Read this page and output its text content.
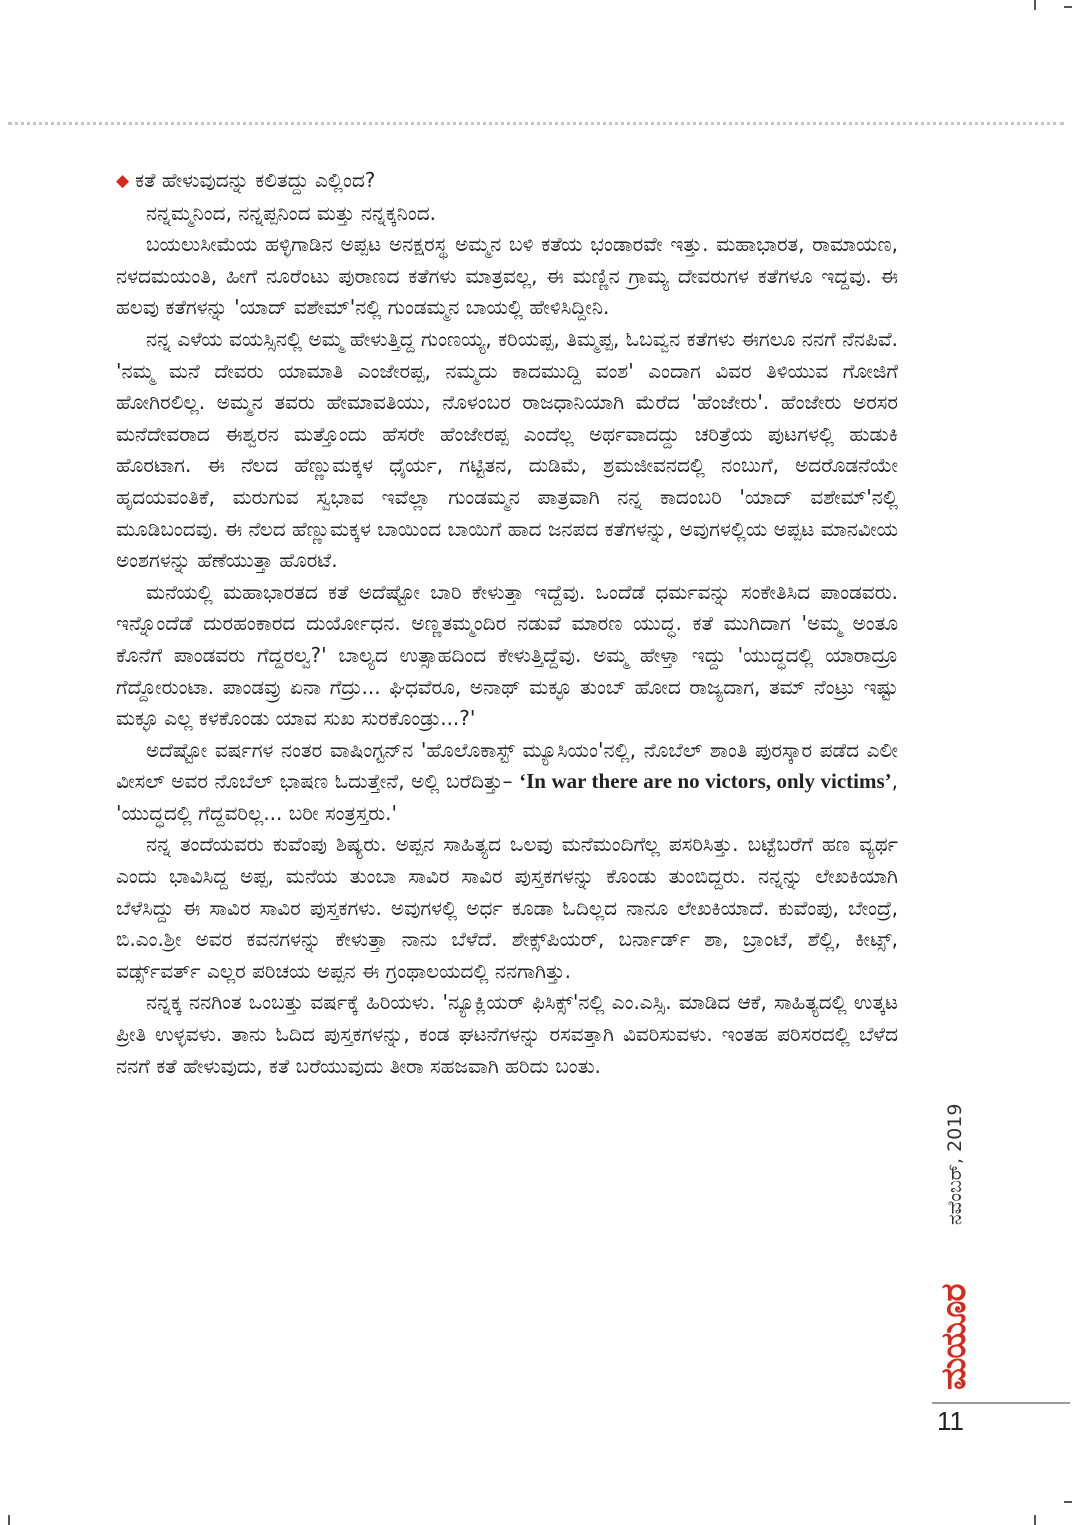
◆ ಕತೆ ಹೇಳುವುದನ್ನು ಕಲಿತದ್ದು ಎಲ್ಲಿಂದ?

ನನ್ನಮ್ಮನಿಂದ, ನನ್ನಪ್ಪನಿಂದ ಮತ್ತು ನನ್ನಕ್ಕನಿಂದ.

ಬಯಲುಸೀಮೆಯ ಹಳ್ಳಿಗಾಡಿನ ಅಪ್ಪಟ ಅನಕ್ಷರಸ್ಥ ಅಮ್ಮನ ಬಳಿ ಕತೆಯ ಭಂಡಾರವೇ ಇತ್ತು. ಮಹಾಭಾರತ, ರಾಮಾಯಣ, ನಳದಮಯಂತಿ, ಹೀಗೆ ನೂರೆಂಟು ಪುರಾಣದ ಕತೆಗಳು ಮಾತ್ರವಲ್ಲ, ಈ ಮಣ್ಣಿನ ಗ್ರಾಮ್ಯ ದೇವರುಗಳ ಕತೆಗಳೂ ಇದ್ದವು. ಈ ಹಲವು ಕತೆಗಳನ್ನು 'ಯಾದ್ ವಶೇಮ್'ನಲ್ಲಿ ಗುಂಡಮ್ಮನ ಬಾಯಲ್ಲಿ ಹೇಳಿಸಿದ್ದೀನಿ.

ನನ್ನ ಎಳೆಯ ವಯಸ್ಸಿನಲ್ಲಿ ಅಮ್ಮ ಹೇಳುತ್ತಿದ್ದ ಗುಂಣಯ್ಯ, ಕರಿಯಪ್ಪ, ತಿಮ್ಮಪ್ಪ, ಓಬವ್ವನ ಕತೆಗಳು ಈಗಲೂ ನನಗೆ ನೆನಪಿವೆ. 'ನಮ್ಮ ಮನೆ ದೇವರು ಯಾಮಾತಿ ಎಂಜೇರಪ್ಪ, ನಮ್ಮದು ಕಾದಮುದ್ದಿ ವಂಶ' ಎಂದಾಗ ವಿವರ ತಿಳಿಯುವ ಗೋಜಿಗೆ ಹೋಗಿರಲಿಲ್ಲ. ಅಮ್ಮನ ತವರು ಹೇಮಾವತಿಯು, ನೊಳಂಬರ ರಾಜಧಾನಿಯಾಗಿ ಮೆರೆದ 'ಹೆಂಜೇರು'. ಹೆಂಜೇರು ಅರಸರ ಮನೆದೇವರಾದ ಈಶ್ವರನ ಮತ್ತೊಂದು ಹೆಸರೇ ಹೆಂಜೇರಪ್ಪ ಎಂದೆಲ್ಲ ಅರ್ಥವಾದದ್ದು ಚರಿತ್ರೆಯ ಪುಟಗಳಲ್ಲಿ ಹುಡುಕಿ ಹೊರಟಾಗ. ಈ ನೆಲದ ಹೆಣ್ಣುಮಕ್ಕಳ ಧೈರ್ಯ, ಗಟ್ಟಿತನ, ದುಡಿಮೆ, ಶ್ರಮಜೀವನದಲ್ಲಿ ನಂಬುಗೆ, ಅದರೊಡನೆಯೇ ಹೃದಯವಂತಿಕೆ, ಮರುಗುವ ಸ್ವಭಾವ ಇವೆಲ್ಲಾ ಗುಂಡಮ್ಮನ ಪಾತ್ರವಾಗಿ ನನ್ನ ಕಾದಂಬರಿ 'ಯಾದ್ ವಶೇಮ್'ನಲ್ಲಿ ಮೂಡಿಬಂದವು. ಈ ನೆಲದ ಹೆಣ್ಣುಮಕ್ಕಳ ಬಾಯಿಂದ ಬಾಯಿಗೆ ಹಾದ ಜನಪದ ಕತೆಗಳನ್ನು, ಅವುಗಳಲ್ಲಿಯ ಅಪ್ಪಟ ಮಾನವೀಯ ಅಂಶಗಳನ್ನು ಹೆಣೆಯುತ್ತಾ ಹೊರಟೆ.

ಮನೆಯಲ್ಲಿ ಮಹಾಭಾರತದ ಕತೆ ಅದೆಷ್ಟೋ ಬಾರಿ ಕೇಳುತ್ತಾ ಇದ್ದೆವು. ಒಂದೆಡೆ ಧರ್ಮವನ್ನು ಸಂಕೇತಿಸಿದ ಪಾಂಡವರು. ಇನ್ನೊಂದೆಡೆ ದುರಹಂಕಾರದ ದುರ್ಯೋಧನ. ಅಣ್ಣತಮ್ಮಂದಿರ ನಡುವೆ ಮಾರಣ ಯುದ್ಧ. ಕತೆ ಮುಗಿದಾಗ 'ಅಮ್ಮ ಅಂತೂ ಕೊನೆಗೆ ಪಾಂಡವರು ಗೆದ್ದರಲ್ವ?' ಬಾಲ್ಯದ ಉತ್ಸಾಹದಿಂದ ಕೇಳುತ್ತಿದ್ದೆವು. ಅಮ್ಮ ಹೇಳ್ತಾ ಇದ್ದು 'ಯುದ್ಧದಲ್ಲಿ ಯಾರಾದ್ರೂ ಗೆದ್ದೋರುಂಟಾ. ಪಾಂಡವ್ರು ಏನಾ ಗೆದ್ರು... ಘಿಧವೆರೂ, ಅನಾಥ್ ಮಕ್ಳೂ ತುಂಬ್ ಹೋದ ರಾಜ್ಯದಾಗ, ತಮ್ ನೆಂಟ್ರು ಇಷ್ಟು ಮಕ್ಳೂ ಎಲ್ಲ ಕಳಕೊಂಡು ಯಾವ ಸುಖ ಸುರಕೊಂಡ್ರು...?'

ಅದೆಷ್ಟೋ ವರ್ಷಗಳ ನಂತರ ವಾಷಿಂಗ್ಟನ್‌ನ 'ಹೊಲೊಕಾಸ್ಟ್ ಮ್ಯೂಸಿಯಂ'ನಲ್ಲಿ, ನೊಬೆಲ್ ಶಾಂತಿ ಪುರಸ್ಕಾರ ಪಡೆದ ಎಲೀ ವೀಸಲ್ ಅವರ ನೊಬೆಲ್ ಭಾಷಣ ಓದುತ್ತೇನೆ, ಅಲ್ಲಿ ಬರೆದಿತ್ತು– ‘In war there are no victors, only victims’, 'ಯುದ್ಧದಲ್ಲಿ ಗೆದ್ದವರಿಲ್ಲ... ಬರೀ ಸಂತ್ರಸ್ತರು.'

ನನ್ನ ತಂದೆಯವರು ಕುವೆಂಪು ಶಿಷ್ಯರು. ಅಪ್ಪನ ಸಾಹಿತ್ಯದ ಒಲವು ಮನೆಮಂದಿಗೆಲ್ಲ ಪಸರಿಸಿತ್ತು. ಬಟ್ಟೆಬರೆಗೆ ಹಣ ವ್ಯರ್ಥ ಎಂದು ಭಾವಿಸಿದ್ದ ಅಪ್ಪ, ಮನೆಯ ತುಂಬಾ ಸಾವಿರ ಸಾವಿರ ಪುಸ್ತಕಗಳನ್ನು ಕೊಂಡು ತುಂಬಿದ್ದರು. ನನ್ನನ್ನು ಲೇಖಕಿಯಾಗಿ ಬೆಳೆಸಿದ್ದು ಈ ಸಾವಿರ ಸಾವಿರ ಪುಸ್ತಕಗಳು. ಅವುಗಳಲ್ಲಿ ಅರ್ಧ ಕೂಡಾ ಓದಿಲ್ಲದ ನಾನೂ ಲೇಖಕಿಯಾದೆ. ಕುವೆಂಪು, ಬೇಂದ್ರೆ, ಬಿ.ಎಂ.ಶ್ರೀ ಅವರ ಕವನಗಳನ್ನು ಕೇಳುತ್ತಾ ನಾನು ಬೆಳೆದೆ. ಶೇಕ್ಸ್‌ಪಿಯರ್, ಬರ್ನಾರ್ಡ್ ಶಾ, ಬ್ರಾಂಟೆ, ಶೆಲ್ಲಿ, ಕೀಟ್ಸ್, ವರ್ಡ್ಸ್‌ವರ್ತ್ ಎಲ್ಲರ ಪರಿಚಯ ಅಪ್ಪನ ಈ ಗ್ರಂಥಾಲಯದಲ್ಲಿ ನನಗಾಗಿತ್ತು.

ನನ್ನಕ್ಕ ನನಗಿಂತ ಒಂಬತ್ತು ವರ್ಷಕ್ಕೆ ಹಿರಿಯಳು. 'ನ್ಯೂಕ್ಲಿಯರ್ ಫಿಸಿಕ್ಸ್'ನಲ್ಲಿ ಎಂ.ಎಸ್ಸಿ. ಮಾಡಿದ ಆಕೆ, ಸಾಹಿತ್ಯದಲ್ಲಿ ಉತ್ಕಟ ಪ್ರೀತಿ ಉಳ್ಳವಳು. ತಾನು ಓದಿದ ಪುಸ್ತಕಗಳನ್ನು, ಕಂಡ ಘಟನೆಗಳನ್ನು ರಸವತ್ತಾಗಿ ವಿವರಿಸುವಳು. ಇಂತಹ ಪರಿಸರದಲ್ಲಿ ಬೆಳೆದ ನನಗೆ ಕತೆ ಹೇಳುವುದು, ಕತೆ ಬರೆಯುವುದು ತೀರಾ ಸಹಜವಾಗಿ ಹರಿದು ಬಂತು.

ನವೆಂಬರ್, 2019
ಮಯೂರ
11
